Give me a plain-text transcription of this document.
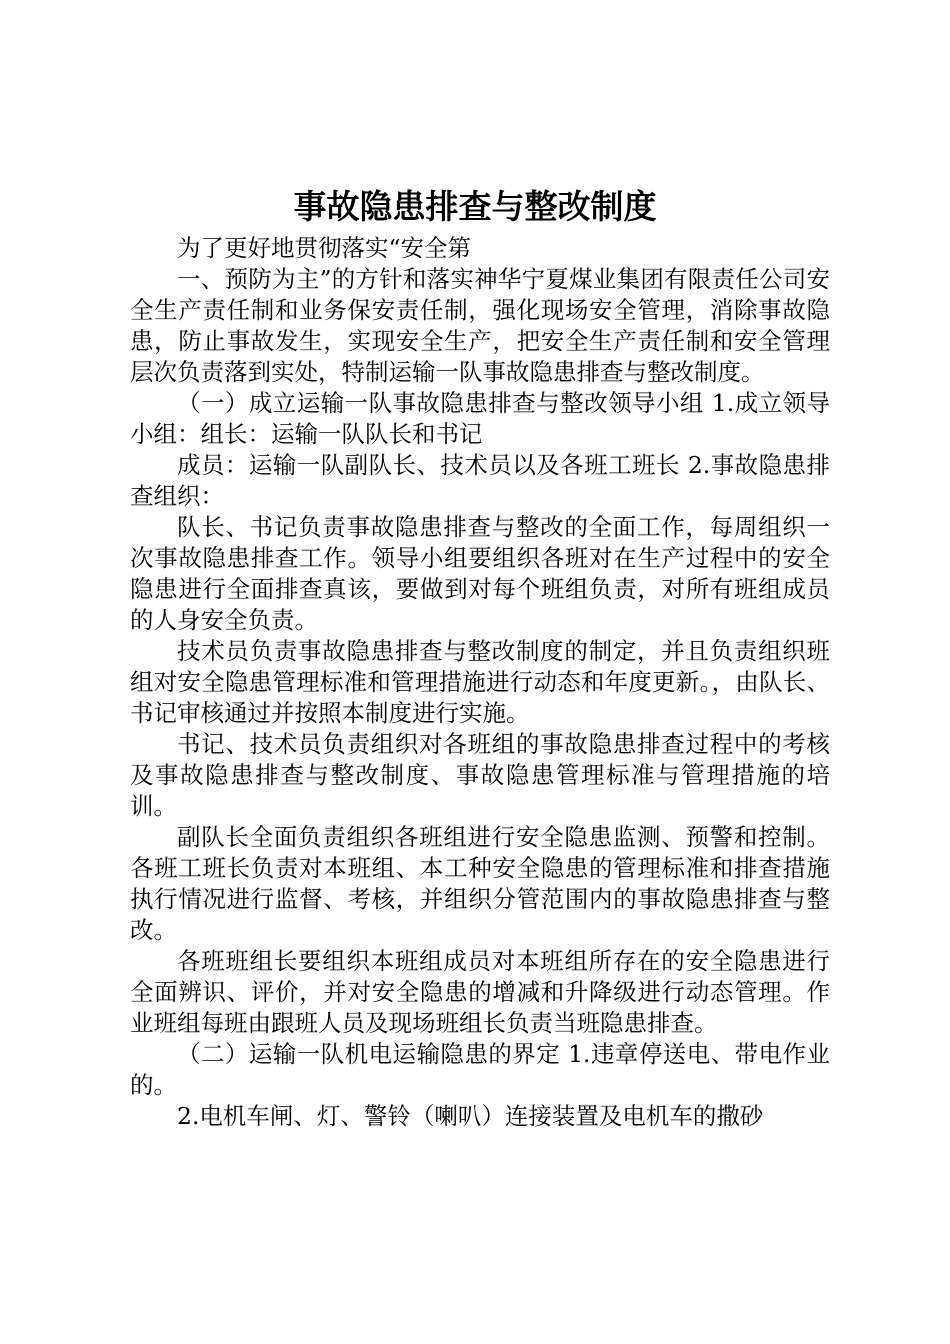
事故隐患排查与整改制度

为了更好地贯彻落实“安全第

一、预防为主”的方针和落实神华宁夏煤业集团有限责任公司安全生产责任制和业务保安责任制，强化现场安全管理，消除事故隐患，防止事故发生，实现安全生产，把安全生产责任制和安全管理层次负责落到实处，特制运输一队事故隐患排查与整改制度。

（一）成立运输一队事故隐患排查与整改领导小组 1.成立领导小组：组长：运输一队队长和书记

成员：运输一队副队长、技术员以及各班工班长 2.事故隐患排查组织：

队长、书记负责事故隐患排查与整改的全面工作，每周组织一次事故隐患排查工作。领导小组要组织各班对在生产过程中的安全隐患进行全面排查真该，要做到对每个班组负责，对所有班组成员的人身安全负责。

技术员负责事故隐患排查与整改制度的制定，并且负责组织班组对安全隐患管理标准和管理措施进行动态和年度更新。，由队长、书记审核通过并按照本制度进行实施。

书记、技术员负责组织对各班组的事故隐患排查过程中的考核及事故隐患排查与整改制度、事故隐患管理标准与管理措施的培训。

副队长全面负责组织各班组进行安全隐患监测、预警和控制。各班工班长负责对本班组、本工种安全隐患的管理标准和排查措施执行情况进行监督、考核，并组织分管范围内的事故隐患排查与整改。

各班班组长要组织本班组成员对本班组所存在的安全隐患进行全面辨识、评价，并对安全隐患的增减和升降级进行动态管理。作业班组每班由跟班人员及现场班组长负责当班隐患排查。

（二）运输一队机电运输隐患的界定 1.违章停送电、带电作业的。

2.电机车闸、灯、警铃（喇叭）连接装置及电机车的撒砂
